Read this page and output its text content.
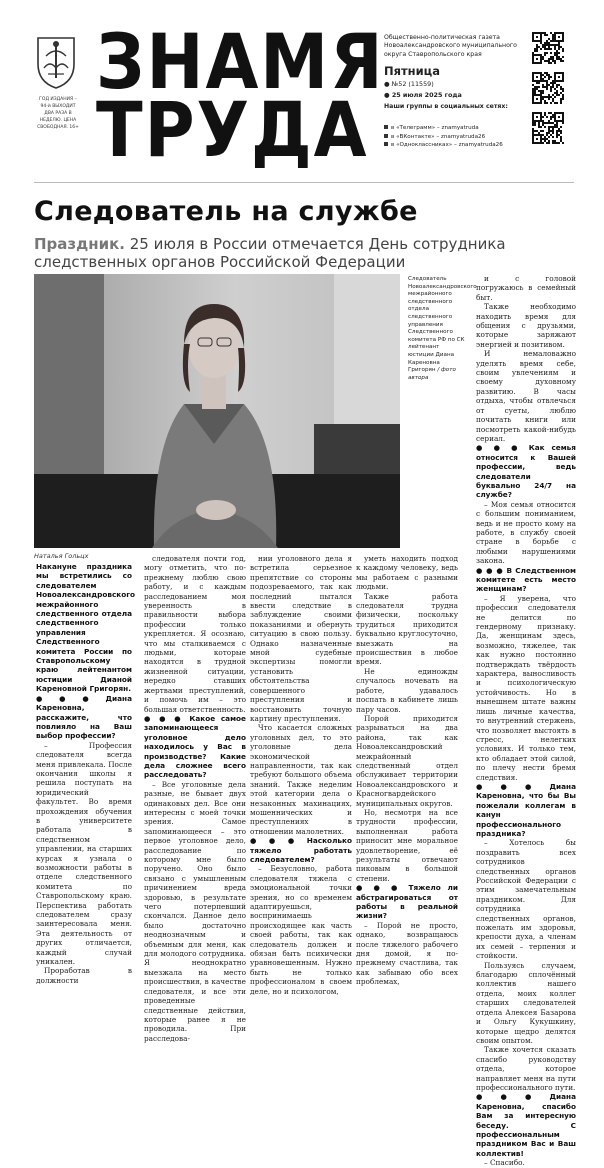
ГОД ИЗДАНИЯ – 94-й ВЫХОДИТ ДВА РАЗА В НЕДЕЛЮ. ЦЕНА СВОБОДНАЯ. 16+
ЗНАМЯ
ТРУДА
Общественно-политическая газета Новоалександровского муниципального округа Ставропольского края
Пятница
● №52 (11559)
● 25 июля 2025 года
Наши группы в социальных сетях:
в «Телеграмм» – znamyatruda
в «ВКонтакте» – znamyatruda26
в «Одноклассниках» – znamyatruda26
Следователь на службе
Праздник. 25 июля в России отмечается День сотрудника следственных органов Российской Федерации
Наталья Гольцх
Следователь Новоалександровского межрайонного следственного отдела следственного управления Следственного комитета РФ по СК лейтенант юстиции Диана Кареновна Григорян / фото автора

Накануне праздника мы встретились со следователем Новоалександровского межрайонного следственного отдела следственного управления Следственного комитета России по Ставропольскому краю лейтенантом юстиции Дианой Кареновной Григорян.

● ● ● Диана Кареновна, расскажите, что повлияло на Ваш выбор профессии?

– Профессия следователя всегда меня привлекала. После окончания школы я решила поступать на юридический факультет. Во время прохождения обучения в университете работала в следственном управлении, на старших курсах я узнала о возможности работы в отделе следственного комитета по Ставропольскому краю. Перспектива работать следователем сразу заинтересовала меня. Эта деятельность от других отличается, каждый случай уникален.

Проработав в должности

следователя почти год, могу отметить, что по-прежнему люблю свою работу, и с каждым расследованием моя уверенность в правильности выбора профессии только укрепляется. Я осознаю, что мы сталкиваемся с людьми, которые находятся в трудной жизненной ситуации, нередко ставших жертвами преступлений, и помочь им – это большая ответственность.

● ● ● Какое самое запоминающееся уголовное дело находилось у Вас в производстве? Какие дела сложнее всего расследовать?

– Все уголовные дела разные, не бывает двух одинаковых дел. Все они интересны с моей точки зрения. Самое запоминающееся – это первое уголовное дело, расследование по которому мне было поручено. Оно было связано с умышленным причинением вреда здоровью, в результате чего потерпевший скончался. Данное дело было достаточно неоднозначным и объемным для меня, как для молодого сотрудника. Я неоднократно выезжала на место происшествия, в качестве следователя, и все эти проведенные следственные действия, которые ранее я не проводила. При расследова-

нии уголовного дела я встретила серьезное препятствие со стороны подозреваемого, так как последний пытался ввести следствие в заблуждение своими показаниями и обернуть ситуацию в свою пользу. Однако назначенные мной судебные экспертизы помогли установить обстоятельства совершенного преступления и восстановить точную картину преступления.

Что касается сложных уголовных дел, то это уголовные дела экономической направленности, так как требуют большого объема знаний. Также неделим этой категории дела о незаконных махинациях, мошеннических и преступлениях в отношении малолетних.

● ● ● Насколько тяжело работать следователем?

– Безусловно, работа следователя тяжела с эмоциональной точки зрения, но со временем адаптируешься, воспринимаешь происходящее как часть своей работы, так как следователь должен и обязан быть психически уравновешенным. Нужно быть не только профессионалом в своем деле, но и психологом,

уметь находить подход к каждому человеку, ведь мы работаем с разными людьми.

Также работа следователя трудна физически, поскольку трудиться приходится буквально круглосуточно, выезжать на происшествия в любое время.

Не единожды случалось ночевать на работе, удавалось поспать в кабинете лишь пару часов.

Порой приходится разрываться на два района, так как Новоалександровский межрайонный следственный отдел обслуживает территории Новоалександровского и Красногвардейского муниципальных округов.

Но, несмотря на все трудности профессии, выполненная работа приносит мне моральное удовлетворение, её результаты отвечают пиковым в большой степени.

● ● ● Тяжело ли абстрагироваться от работы в реальной жизни?

– Порой не просто, однако, возвращаюсь после тяжелого рабочего дня домой, я по-прежнему счастлива, так как забываю обо всех проблемах,

и с головой погружаюсь в семейный быт.

Также необходимо находить время для общения с друзьями, которые заряжают энергией и позитивом.

И немаловажно уделять время себе, своим увлечениям и своему духовному развитию. В часы отдыха, чтобы отвлечься от суеты, люблю почитать книги или посмотреть какой-нибудь сериал.

● ● ● Как семья относится к Вашей профессии, ведь следователи буквально 24/7 на службе?

– Моя семья относится с большим пониманием, ведь и не просто кому на работе, в службу своей стране в борьбе с любыми нарушениями закона.

● ● ● В Следственном комитете есть место женщинам?

– Я уверена, что профессия следователя не делится по гендерному признаку. Да, женщинам здесь, возможно, тяжелее, так как нужно постоянно подтверждать твёрдость характера, выносливость и психологическую устойчивость. Но в нынешнем штате важны лишь личные качества, то внутренний стержень, что позволяет выстоять в стресс, нелегких условиях. И только тем, кто обладает этой силой, по плечу нести бремя следствия.

● ● ● Диана Кареновна, что бы Вы пожелали коллегам в канун профессионального праздника?

– Хотелось бы поздравить всех сотрудников следственных органов Российской Федерации с этим замечательным праздником. Для сотрудника следственных органов, пожелать им здоровья, крепости духа, а членам их семей – терпения и стойкости.

Пользуясь случаем, благодарю сплочённый коллектив нашего отдела, моих коллег старших следователей отдела Алексея Базарова и Ольгу Кукушкину, которые щедро делятся своим опытом.

Также хочется сказать спасибо руководству отдела, которое направляет меня на пути профессионального пути.

● ● ● Диана Кареновна, спасибо Вам за интересную беседу. С профессиональным праздником Вас и Ваш коллектив!

– Спасибо.
